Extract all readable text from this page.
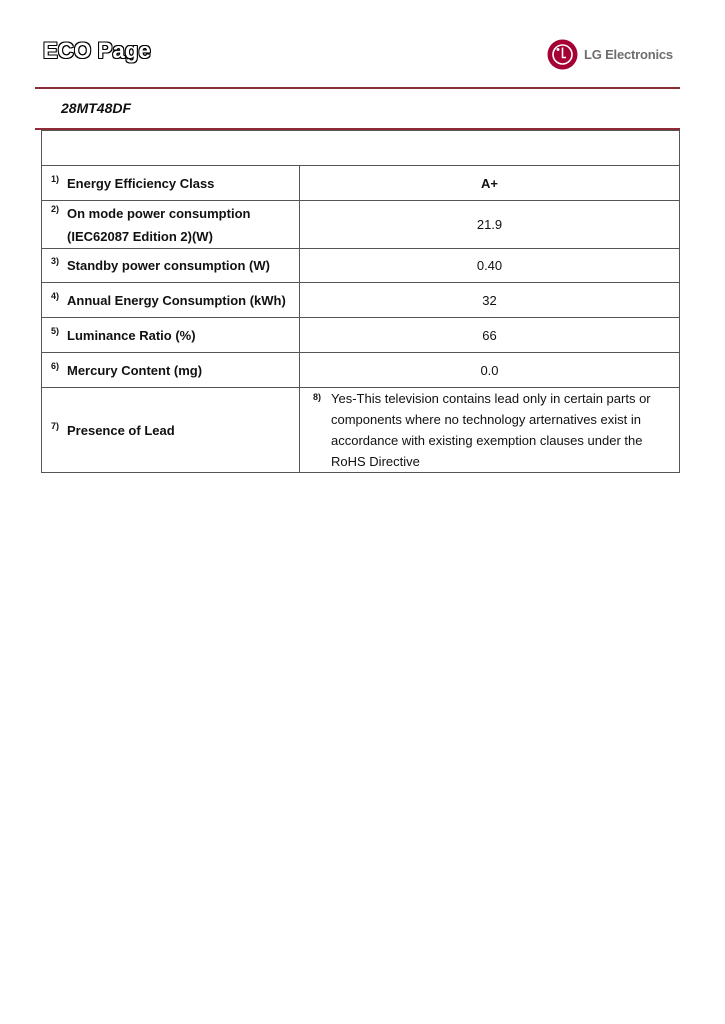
ECO Page	LG Electronics
28MT48DF

1) Energy Efficiency Class	A+

2) On mode power consumption
(IEC62087 Edition 2)(W)	21.9

3) Standby power consumption (W)	0.40

4) Annual Energy Consumption (kWh)	32

5) Luminance Ratio (%)	66

6) Mercury Content (mg)	0.0

7) Presence of Lead	8) Yes-This television contains lead only in certain parts or
components where no technology arternatives exist in
accordance with existing exemption clauses under the
RoHS Directive
